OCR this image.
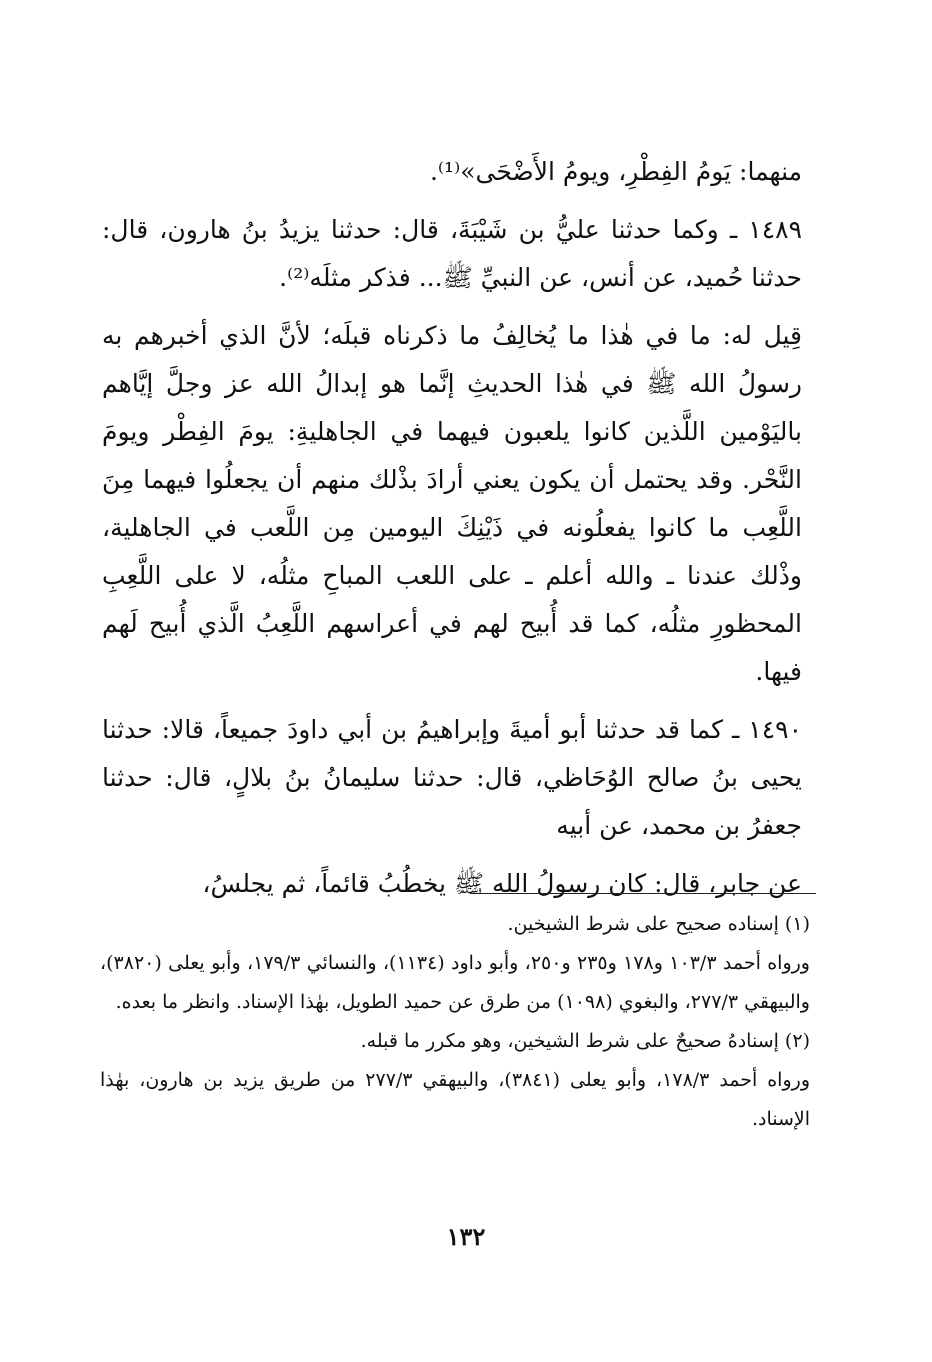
منهما: يَومُ الفِطْرِ، ويومُ الأَضْحَى»⁽¹⁾.

١٤٨٩ ـ وكما حدثنا عليُّ بن شَيْبَةَ، قال: حدثنا يزيدُ بنُ هارون، قال: حدثنا حُميد، عن أنس، عن النبيِّ ﷺ... فذكر مثلَه⁽²⁾.

قِيل له: ما في هٰذا ما يُخالِفُ ما ذكرناه قبلَه؛ لأنَّ الذي أخبرهم به رسولُ الله ﷺ في هٰذا الحديثِ إنَّما هو إبدالُ الله عز وجلَّ إيَّاهم باليَوْمين اللَّذين كانوا يلعبون فيهما في الجاهليةِ: يومَ الفِطْر ويومَ النَّحْر. وقد يحتمل أن يكون يعني أرادَ بذْلك منهم أن يجعلُوا فيهما مِنَ اللَّعِب ما كانوا يفعلُونه في ذَيْنِكَ اليومين مِن اللَّعب في الجاهلية، وذْلك عندنا ـ والله أعلم ـ على اللعب المباحِ مثلُه، لا على اللَّعِبِ المحظورِ مثلُه، كما قد أُبيح لهم في أعراسهم اللَّعِبُ الَّذي أُبيح لَهم فيها.

١٤٩٠ ـ كما قد حدثنا أبو أميةَ وإبراهيمُ بن أبي داودَ جميعاً، قالا: حدثنا يحيى بنُ صالح الوُحَاظي، قال: حدثنا سليمانُ بنُ بلالٍ، قال: حدثنا جعفرُ بن محمد، عن أبيه

عن جابر، قال: كان رسولُ الله ﷺ يخطُبُ قائماً، ثم يجلسُ،

(١) إسناده صحيح على شرط الشيخين.

ورواه أحمد ١٠٣/٣ و١٧٨ و٢٣٥ و٢٥٠، وأبو داود (١١٣٤)، والنسائي ١٧٩/٣، وأبو يعلى (٣٨٢٠)، والبيهقي ٢٧٧/٣، والبغوي (١٠٩٨) من طرق عن حميد الطويل، بهٰذا الإسناد. وانظر ما بعده.

(٢) إسنادهُ صحيحٌ على شرط الشيخين، وهو مكرر ما قبله.

ورواه أحمد ١٧٨/٣، وأبو يعلى (٣٨٤١)، والبيهقي ٢٧٧/٣ من طريق يزيد بن هارون، بهٰذا الإسناد.

١٣٢
